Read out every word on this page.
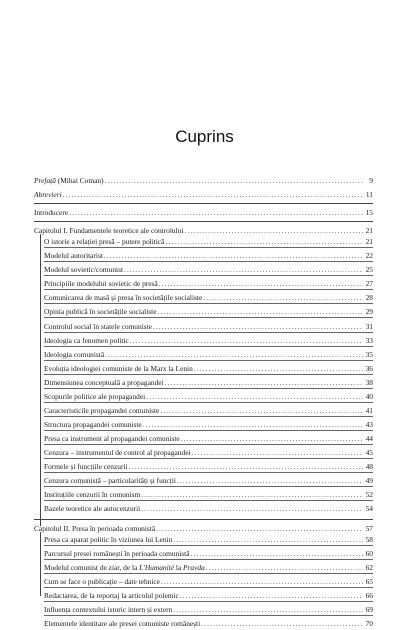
Cuprins
Prefață (Mihai Coman) .....	9
Abrevieri .....	11
Introducere .....	15
Capitolul I. Fundamentele teoretice ale controlului .....	21
O istorie a relației presă – putere politică .....	21
Modelul autoritarist .....	22
Modelul sovietic/comunist .....	25
Principiile modelului sovietic de presă .....	27
Comunicarea de masă și presa în societățile socialiste .....	28
Opinia publică în societățile socialiste .....	29
Controlul social în statele comuniste .....	31
Ideologia ca fenomen politic .....	33
Ideologia comunistă .....	35
Evoluția ideologiei comuniste de la Marx la Lenin .....	36
Dimensiunea conceptuală a propagandei .....	38
Scopurile politice ale propagandei .....	40
Caracteristicile propagandei comuniste .....	41
Structura propagandei comuniste .....	43
Presa ca instrument al propagandei comuniste .....	44
Cenzura – instrumentul de control al propagandei .....	45
Formele și funcțiile cenzurii .....	48
Cenzura comunistă – particularități și funcții .....	49
Instituțiile cenzurii în comunism .....	52
Bazele teoretice ale autocenzurii .....	54
Capitolul II. Presa în perioada comunistă .....	57
Presa ca aparat politic în viziunea lui Lenin .....	58
Parcursul presei românești în perioada comunistă .....	60
Modelul comunist de ziar, de la L'Humanité la Pravda .....	62
Cum se face o publicație – date tehnice .....	65
Redactarea, de la reportaj la articolul polemic .....	66
Influența contextului istoric intern și extern .....	69
Elementele identitare ale presei comuniste românești .....	70
